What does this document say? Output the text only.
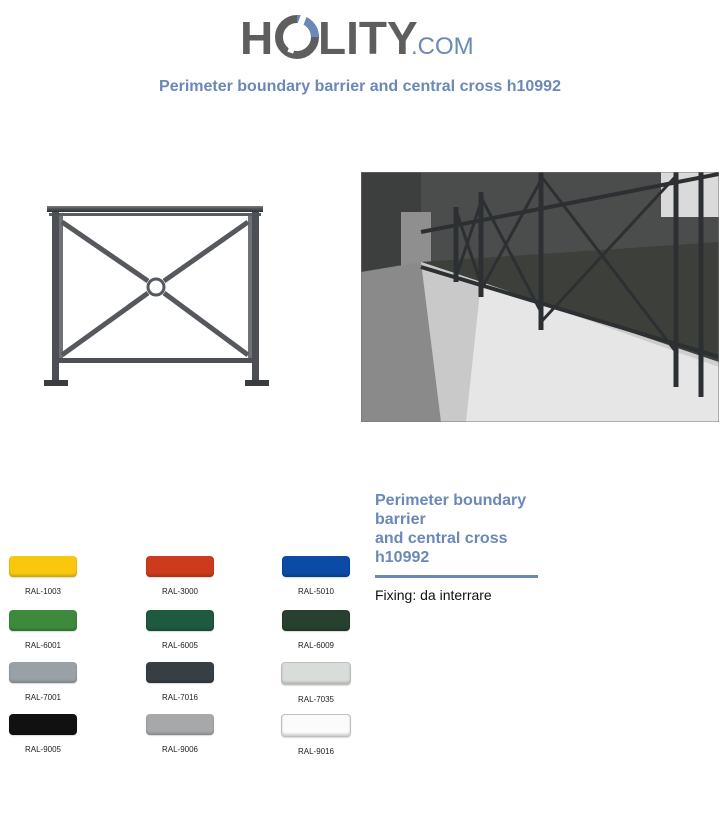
H LITY
.COM
Perimeter boundary barrier and central cross h10992
Perimeter boundary barrier
and central cross
h10992
Fixing: da interrare
RAL-1003	RAL-3000	RAL-5010
RAL-6001	RAL-6005	RAL-6009
RAL-7001	RAL-7016	RAL-7035
RAL-9005	RAL-9006	RAL-9016
